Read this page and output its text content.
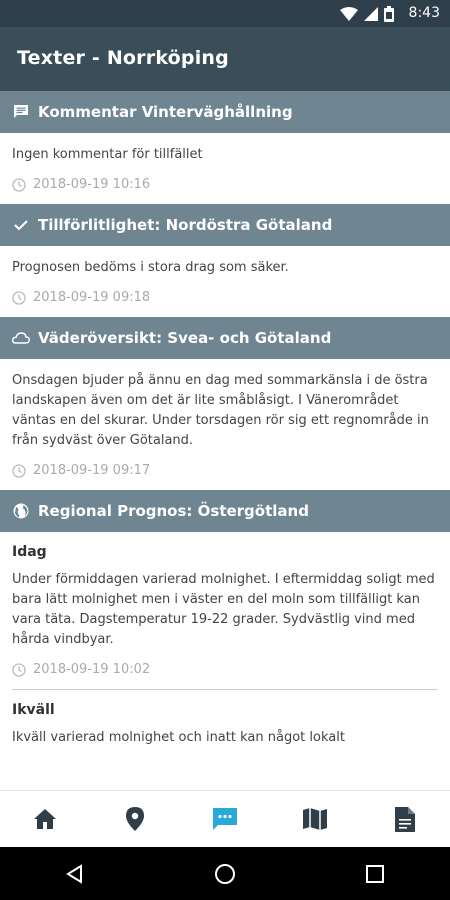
8:43
Texter - Norrköping
Kommentar Vinterväghållning
Ingen kommentar för tillfället
2018-09-19 10:16
Tillförlitlighet: Nordöstra Götaland
Prognosen bedöms i stora drag som säker.
2018-09-19 09:18
Väderöversikt: Svea- och Götaland
Onsdagen bjuder på ännu en dag med sommarkänsla i de östra landskapen även om det är lite småblåsigt. I Vänerområdet väntas en del skurar. Under torsdagen rör sig ett regnområde in från sydväst över Götaland.
2018-09-19 09:17
Regional Prognos: Östergötland
Idag
Under förmiddagen varierad molnighet. I eftermiddag soligt med bara lätt molnighet men i väster en del moln som tillfälligt kan vara täta. Dagstemperatur 19-22 grader. Sydvästlig vind med hårda vindbyar.
2018-09-19 10:02
Ikväll
Ikväll varierad molnighet och inatt kan något lokalt
